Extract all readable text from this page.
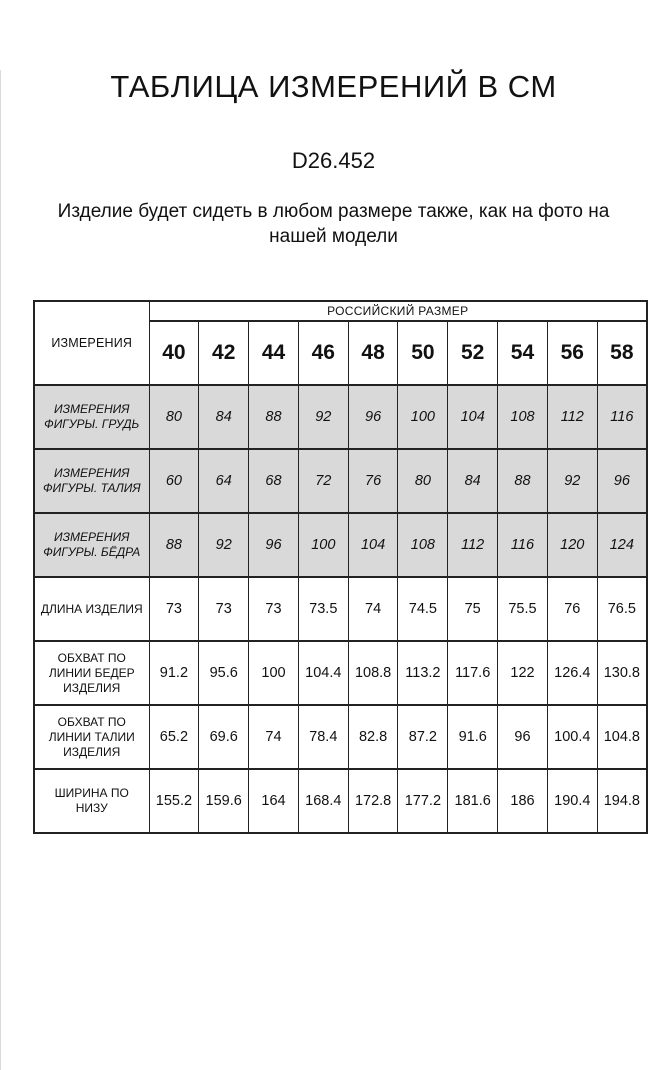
ТАБЛИЦА ИЗМЕРЕНИЙ В СМ
D26.452

Изделие будет сидеть в любом размере также, как на фото на нашей модели

ИЗМЕРЕНИЯ	РОССИЙСКИЙ РАЗМЕР									
	40	42	44	46	48	50	52	54	56	58
ИЗМЕРЕНИЯ ФИГУРЫ. ГРУДЬ	80	84	88	92	96	100	104	108	112	116
ИЗМЕРЕНИЯ ФИГУРЫ. ТАЛИЯ	60	64	68	72	76	80	84	88	92	96
ИЗМЕРЕНИЯ ФИГУРЫ. БЁДРА	88	92	96	100	104	108	112	116	120	124
ДЛИНА ИЗДЕЛИЯ	73	73	73	73.5	74	74.5	75	75.5	76	76.5
ОБХВАТ ПО ЛИНИИ БЕДЕР ИЗДЕЛИЯ	91.2	95.6	100	104.4	108.8	113.2	117.6	122	126.4	130.8
ОБХВАТ ПО ЛИНИИ ТАЛИИ ИЗДЕЛИЯ	65.2	69.6	74	78.4	82.8	87.2	91.6	96	100.4	104.8
ШИРИНА ПО НИЗУ	155.2	159.6	164	168.4	172.8	177.2	181.6	186	190.4	194.8
